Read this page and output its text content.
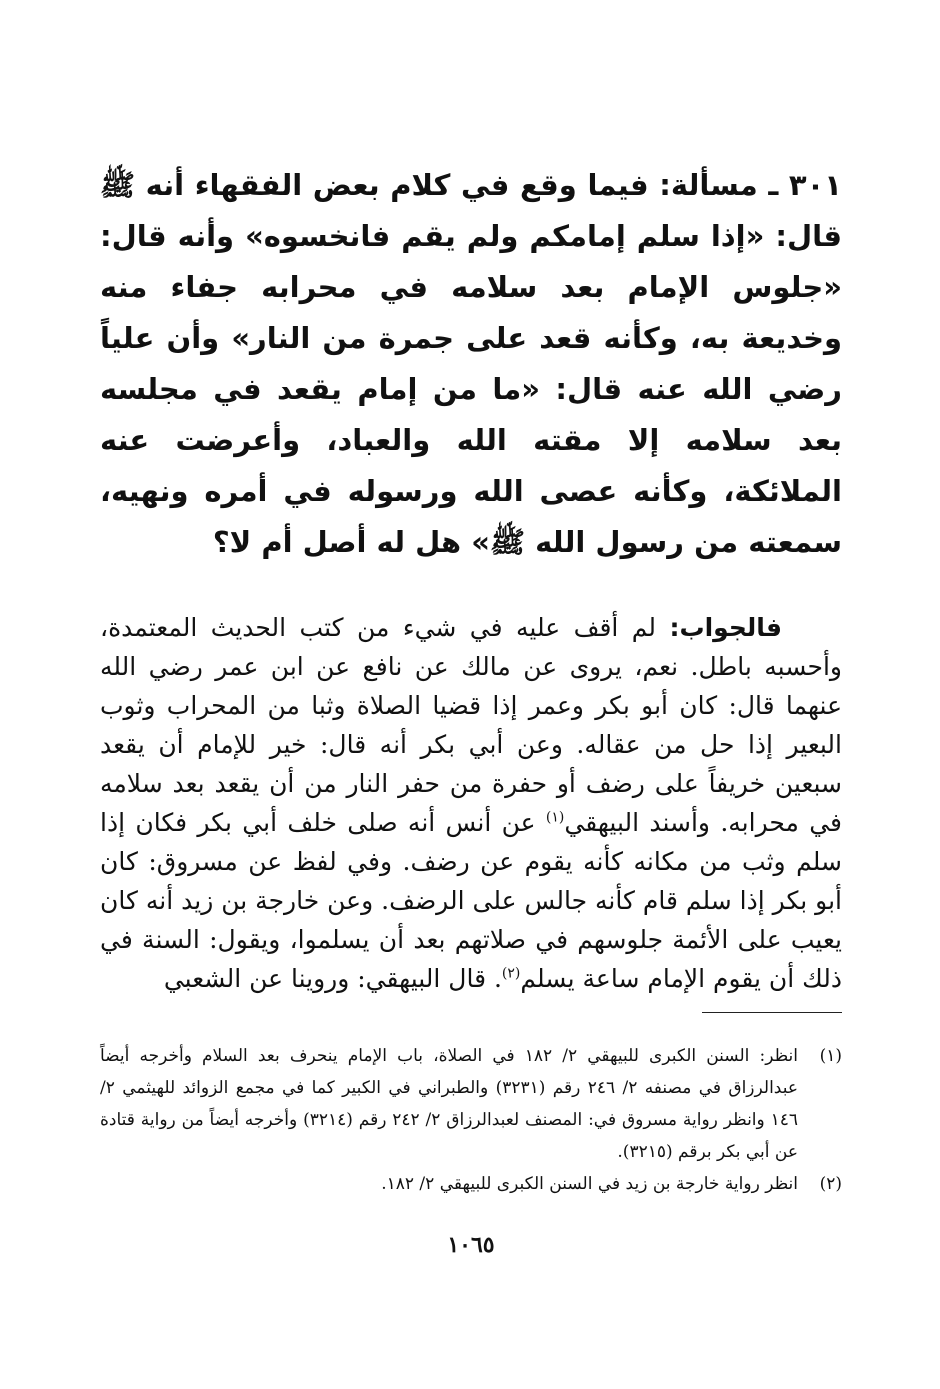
٣٠١ ـ مسألة: فيما وقع في كلام بعض الفقهاء أنه ﷺ قال: «إذا سلم إمامكم ولم يقم فانخسوه» وأنه قال: «جلوس الإمام بعد سلامه في محرابه جفاء منه وخديعة به، وكأنه قعد على جمرة من النار» وأن علياً رضي الله عنه قال: «ما من إمام يقعد في مجلسه بعد سلامه إلا مقته الله والعباد، وأعرضت عنه الملائكة، وكأنه عصى الله ورسوله في أمره ونهيه، سمعته من رسول الله ﷺ» هل له أصل أم لا؟

فالجواب: لم أقف عليه في شيء من كتب الحديث المعتمدة، وأحسبه باطل. نعم، يروى عن مالك عن نافع عن ابن عمر رضي الله عنهما قال: كان أبو بكر وعمر إذا قضيا الصلاة وثبا من المحراب وثوب البعير إذا حل من عقاله. وعن أبي بكر أنه قال: خير للإمام أن يقعد سبعين خريفاً على رضف أو حفرة من حفر النار من أن يقعد بعد سلامه في محرابه. وأسند البيهقي$^{(١)}$ عن أنس أنه صلى خلف أبي بكر فكان إذا سلم وثب من مكانه كأنه يقوم عن رضف. وفي لفظ عن مسروق: كان أبو بكر إذا سلم قام كأنه جالس على الرضف. وعن خارجة بن زيد أنه كان يعيب على الأئمة جلوسهم في صلاتهم بعد أن يسلموا، ويقول: السنة في ذلك أن يقوم الإمام ساعة يسلم$^{(٢)}$. قال البيهقي: وروينا عن الشعبي
(١)
انظر: السنن الكبرى للبيهقي ٢/ ١٨٢ في الصلاة، باب الإمام ينحرف بعد السلام وأخرجه أيضاً عبدالرزاق في مصنفه ٢/ ٢٤٦ رقم (٣٢٣١) والطبراني في الكبير كما في مجمع الزوائد للهيثمي ٢/ ١٤٦ وانظر رواية مسروق في: المصنف لعبدالرزاق ٢/ ٢٤٢ رقم (٣٢١٤) وأخرجه أيضاً من رواية قتادة عن أبي بكر برقم (٣٢١٥).
(٢)
انظر رواية خارجة بن زيد في السنن الكبرى للبيهقي ٢/ ١٨٢.
١٠٦٥
